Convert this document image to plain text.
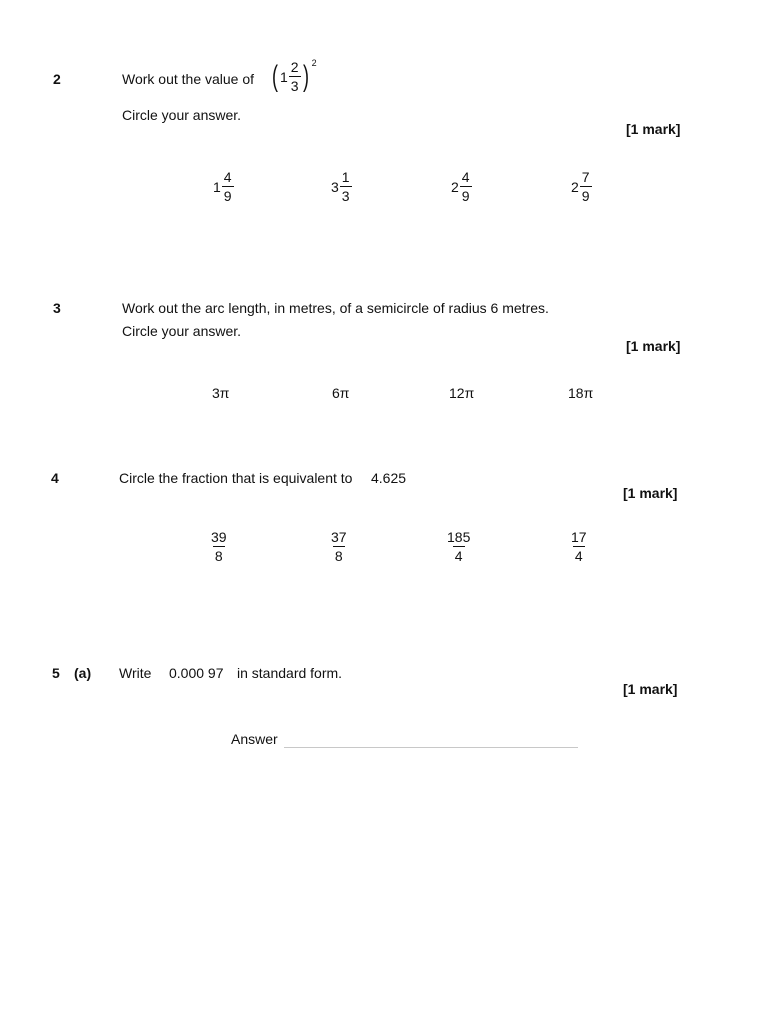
2	Work out the value of ( $1 \frac{2}{3}$ ) 2
Circle your answer.
[1 mark]
$1 \frac{4}{9}$	$3 \frac{1}{3}$	$2 \frac{4}{9}$	$2 \frac{7}{9}$
3	Work out the arc length, in metres, of a semicircle of radius 6 metres.
Circle your answer.
[1 mark]
3π	6π	12π	18π
4	Circle the fraction that is equivalent to 4.625
[1 mark]
$\frac{39}{8}$	$\frac{37}{8}$	$\frac{185}{4}$	$\frac{17}{4}$
5 (a) Write 0.000 97 in standard form.
[1 mark]
Answer
